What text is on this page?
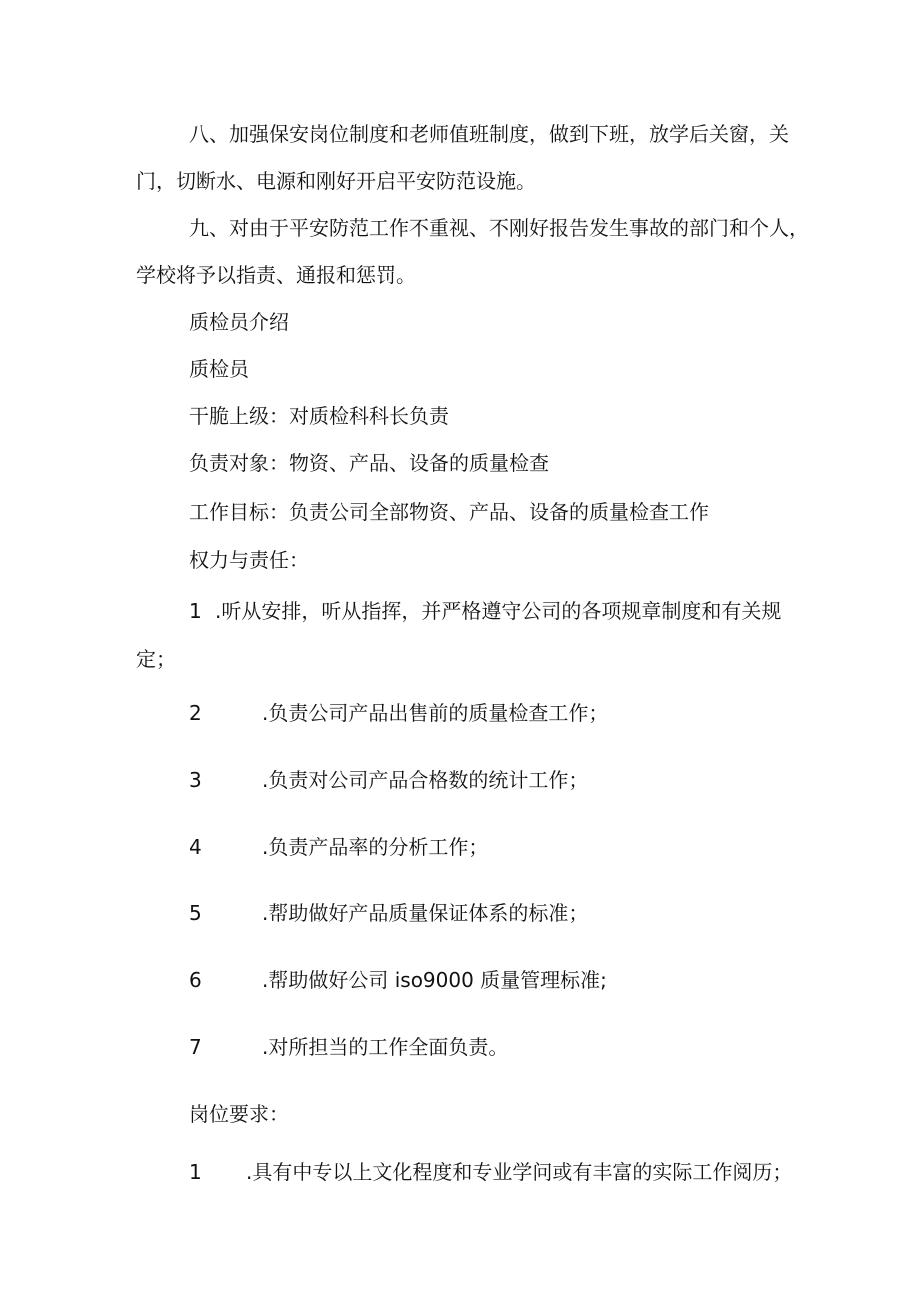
八、加强保安岗位制度和老师值班制度，做到下班，放学后关窗，关
门，切断水、电源和刚好开启平安防范设施。
九、对由于平安防范工作不重视、不刚好报告发生事故的部门和个人，
学校将予以指责、通报和惩罚。
质检员介绍
质检员
干脆上级：对质检科科长负责
负责对象：物资、产品、设备的质量检查
工作目标：负责公司全部物资、产品、设备的质量检查工作
权力与责任：
1 .听从安排，听从指挥，并严格遵守公司的各项规章制度和有关规
定；
2	.负责公司产品出售前的质量检查工作；
3	.负责对公司产品合格数的统计工作；
4	.负责产品率的分析工作；
5	.帮助做好产品质量保证体系的标准；
6	.帮助做好公司 iso9000 质量管理标准;
7	.对所担当的工作全面负责。
岗位要求：
1 .具有中专以上文化程度和专业学问或有丰富的实际工作阅历；
